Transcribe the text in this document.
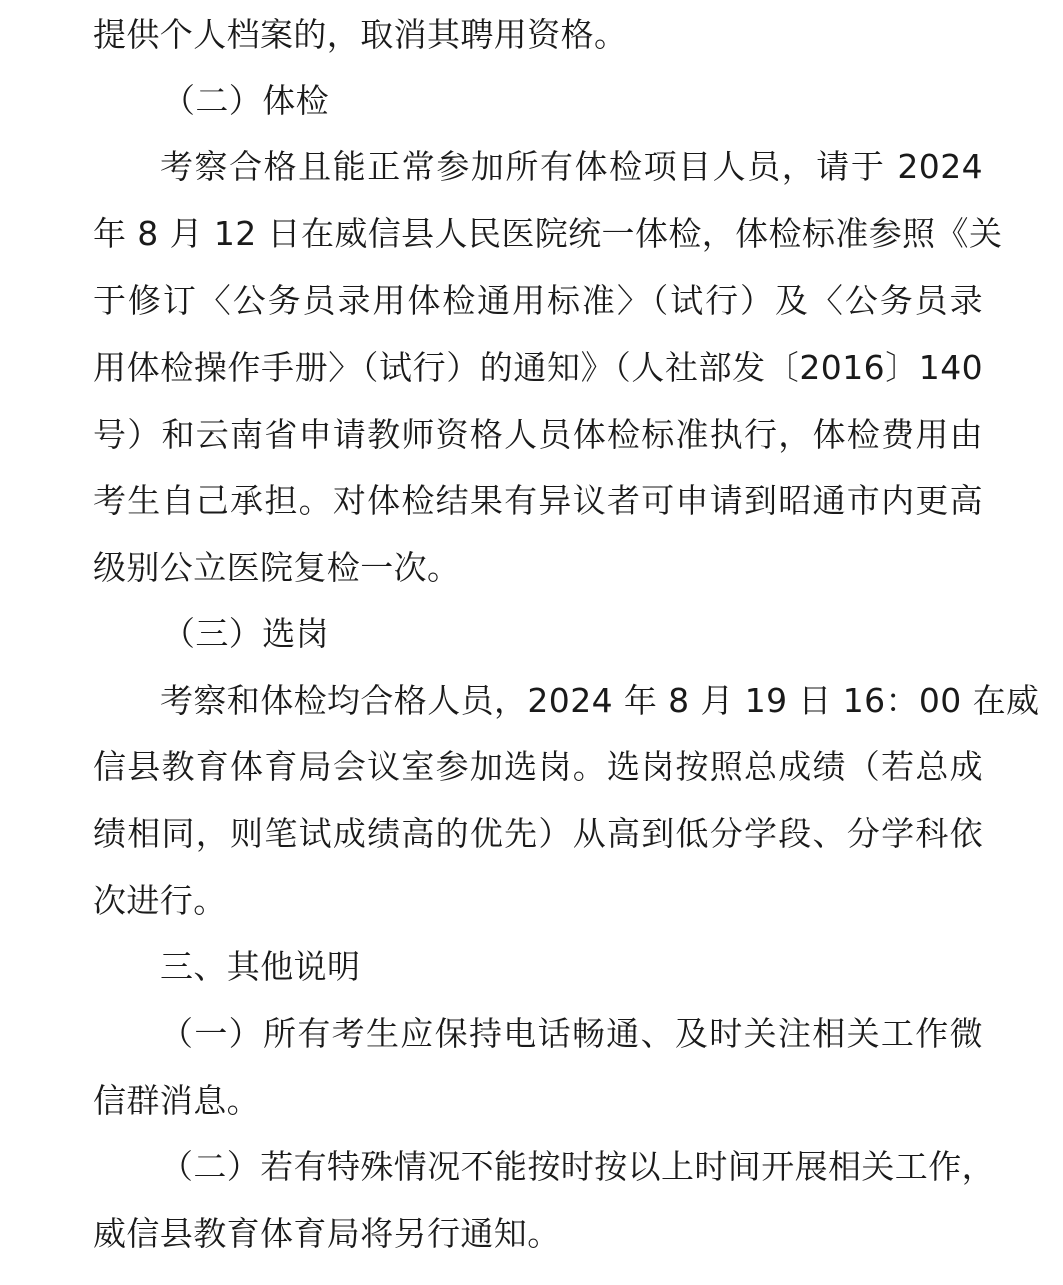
提供个人档案的，取消其聘用资格。
（二）体检
考察合格且能正常参加所有体检项目人员，请于 2024
年 8 月 12 日在威信县人民医院统一体检，体检标准参照《关
于修订〈公务员录用体检通用标准〉（试行）及〈公务员录
用体检操作手册〉（试行）的通知》（人社部发〔2016〕140
号）和云南省申请教师资格人员体检标准执行，体检费用由
考生自己承担。对体检结果有异议者可申请到昭通市内更高
级别公立医院复检一次。
（三）选岗
考察和体检均合格人员，2024 年 8 月 19 日 16：00 在威
信县教育体育局会议室参加选岗。选岗按照总成绩（若总成
绩相同，则笔试成绩高的优先）从高到低分学段、分学科依
次进行。
三、其他说明
（一）所有考生应保持电话畅通、及时关注相关工作微
信群消息。
（二）若有特殊情况不能按时按以上时间开展相关工作，
威信县教育体育局将另行通知。
